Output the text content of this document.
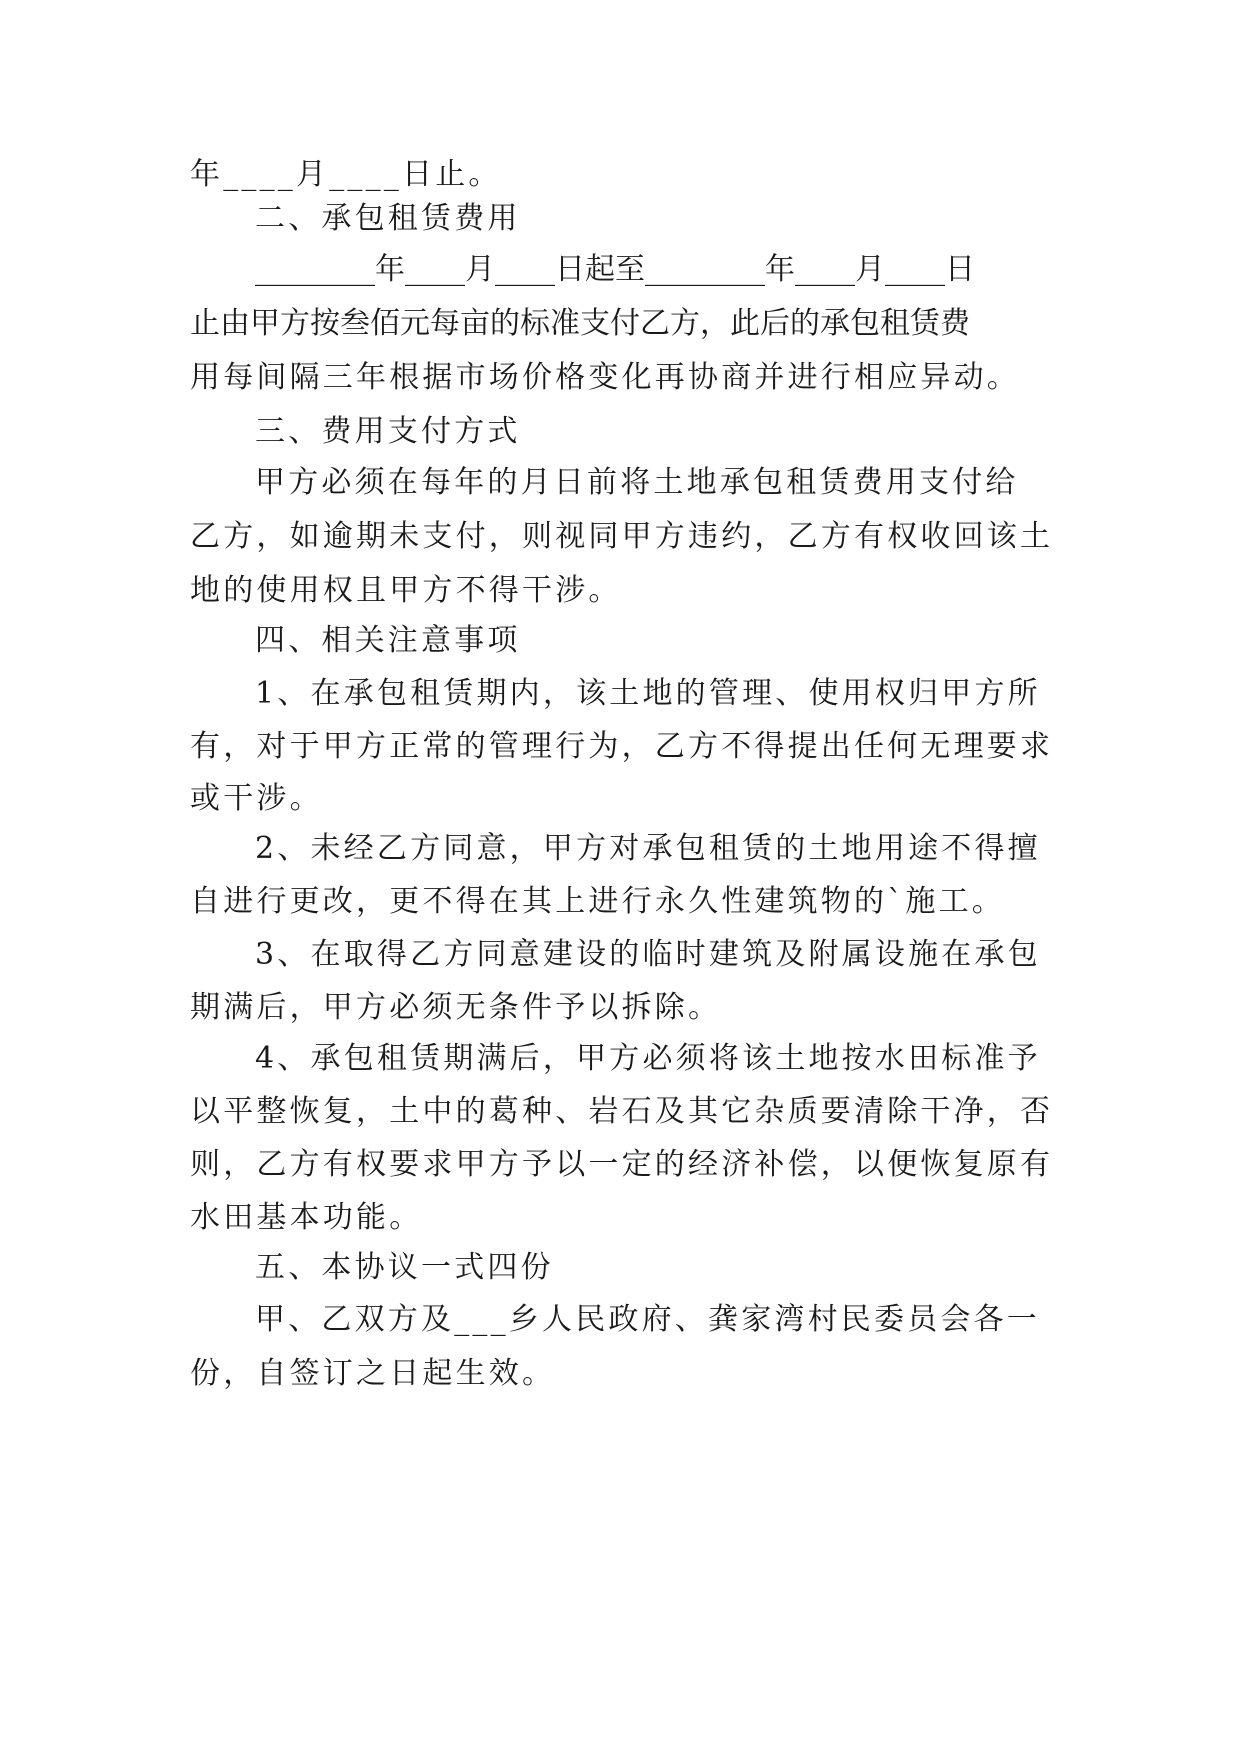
年____月____日止。

二、承包租赁费用

________年____月____日起至________年____月____日

止由甲方按叁佰元每亩的标准支付乙方，此后的承包租赁费

用每间隔三年根据市场价格变化再协商并进行相应异动。

三、费用支付方式

甲方必须在每年的月日前将土地承包租赁费用支付给

乙方，如逾期未支付，则视同甲方违约，乙方有权收回该土

地的使用权且甲方不得干涉。

四、相关注意事项

1、在承包租赁期内，该土地的管理、使用权归甲方所

有，对于甲方正常的管理行为，乙方不得提出任何无理要求

或干涉。

2、未经乙方同意，甲方对承包租赁的土地用途不得擅

自进行更改，更不得在其上进行永久性建筑物的`施工。

3、在取得乙方同意建设的临时建筑及附属设施在承包

期满后，甲方必须无条件予以拆除。

4、承包租赁期满后，甲方必须将该土地按水田标准予

以平整恢复，土中的葛种、岩石及其它杂质要清除干净，否

则，乙方有权要求甲方予以一定的经济补偿，以便恢复原有

水田基本功能。

五、本协议一式四份

甲、乙双方及___乡人民政府、龚家湾村民委员会各一

份，自签订之日起生效。
